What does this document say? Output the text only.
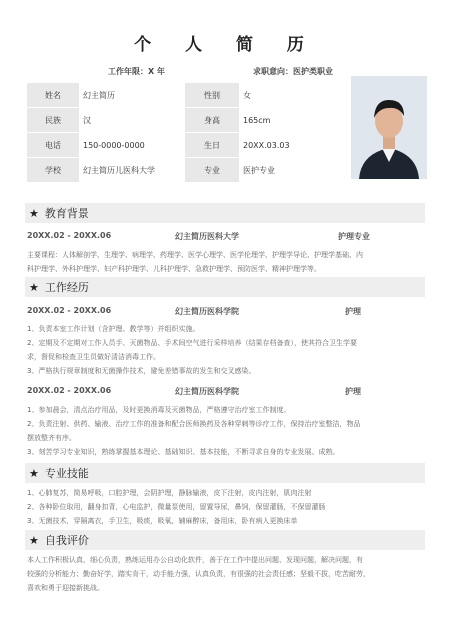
个 人 简 历
工作年限：X 年	求职意向：医护类职业
姓名	幻主简历	性别	女
民族	汉	身高	165cm
电话	150-0000-0000	生日	20XX.03.03
学校	幻主简历儿医科大学	专业	医护专业
★ 教育背景
20XX.02 - 20XX.06	幻主简历医科大学	护理专业
主要课程：人体解剖学、生理学、病理学、药理学、医学心理学、医学伦理学、护理学导论、护理学基础、内
科护理学、外科护理学、妇产科护理学、儿科护理学、急救护理学、预防医学、精神护理学等。
★ 工作经历
20XX.02 - 20XX.06	幻主简历医科学院	护理
1、负责本室工作计划（含护理、教学等）并组织实施。
2、定期及不定期对工作人员手、灭菌物品、手术间空气进行采样培养（结果存档备查），使其符合卫生学要
求，督促和检查卫生员做好清洁消毒工作。
3、严格执行规章制度和无菌操作技术，避免差错事故的发生和交叉感染。
20XX.02 - 20XX.06	幻主简历医科学院	护理
1、参加晨会，清点治疗用品，及时更换消毒及灭菌物品，严格遵守治疗室工作制度。
2、负责注射、供药、输液、治疗工作的准备和配合医师换药及各种穿刺等诊疗工作，保持治疗室整洁，物品
摆放整齐有序。
3、刻苦学习专业知识，熟练掌握基本理论、基础知识、基本技能，不断寻求自身的专业发展、成熟。
★ 专业技能
1、心肺复苏，简易呼吸，口腔护理，会阴护理，静脉输液，皮下注射，皮内注射，肌肉注射
2、各种卧位取用，翻身扣背，心电监护，微量泵使用，留置导尿，鼻饲，保留灌肠，不保留灌肠
3、无菌技术，穿隔离衣，手卫生，吸痰，吸氧，辅麻醉床，备用床，卧有病人更换床单
★ 自我评价
本人工作积极认真，细心负责，熟练运用办公自动化软件，善于在工作中提出问题、发现问题，解决问题，有
较强的分析能力；勤奋好学，踏实肯干，动手能力强，认真负责，有很强的社会责任感；坚毅不拔，吃苦耐劳，
喜欢和勇于迎接新挑战。
